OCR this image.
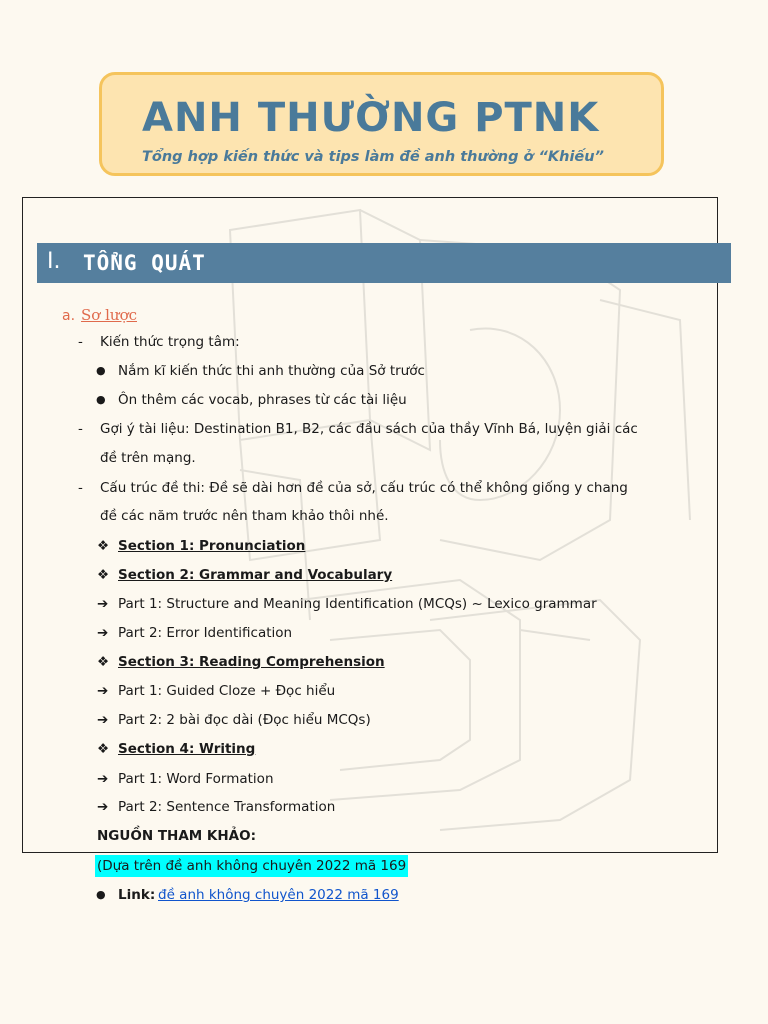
ANH THƯỜNG PTNK
Tổng hợp kiến thức và tips làm đề anh thường ở “Khiếu”
I. TỔNG QUÁT
a. Sơ lược
- Kiến thức trọng tâm:
● Nắm kĩ kiến thức thi anh thường của Sở trước
● Ôn thêm các vocab, phrases từ các tài liệu
- Gợi ý tài liệu: Destination B1, B2, các đầu sách của thầy Vĩnh Bá, luyện giải các
đề trên mạng.
- Cấu trúc đề thi: Đề sẽ dài hơn đề của sở, cấu trúc có thể không giống y chang
đề các năm trước nên tham khảo thôi nhé.
❖ Section 1: Pronunciation
❖ Section 2: Grammar and Vocabulary
➔ Part 1: Structure and Meaning Identification (MCQs) ~ Lexico grammar
➔ Part 2: Error Identification
❖ Section 3: Reading Comprehension
➔ Part 1: Guided Cloze + Đọc hiểu
➔ Part 2: 2 bài đọc dài (Đọc hiểu MCQs)
❖ Section 4: Writing
➔ Part 1: Word Formation
➔ Part 2: Sentence Transformation
NGUỒN THAM KHẢO:
(Dựa trên đề anh không chuyên 2022 mã 169
● Link: đề anh không chuyên 2022 mã 169
